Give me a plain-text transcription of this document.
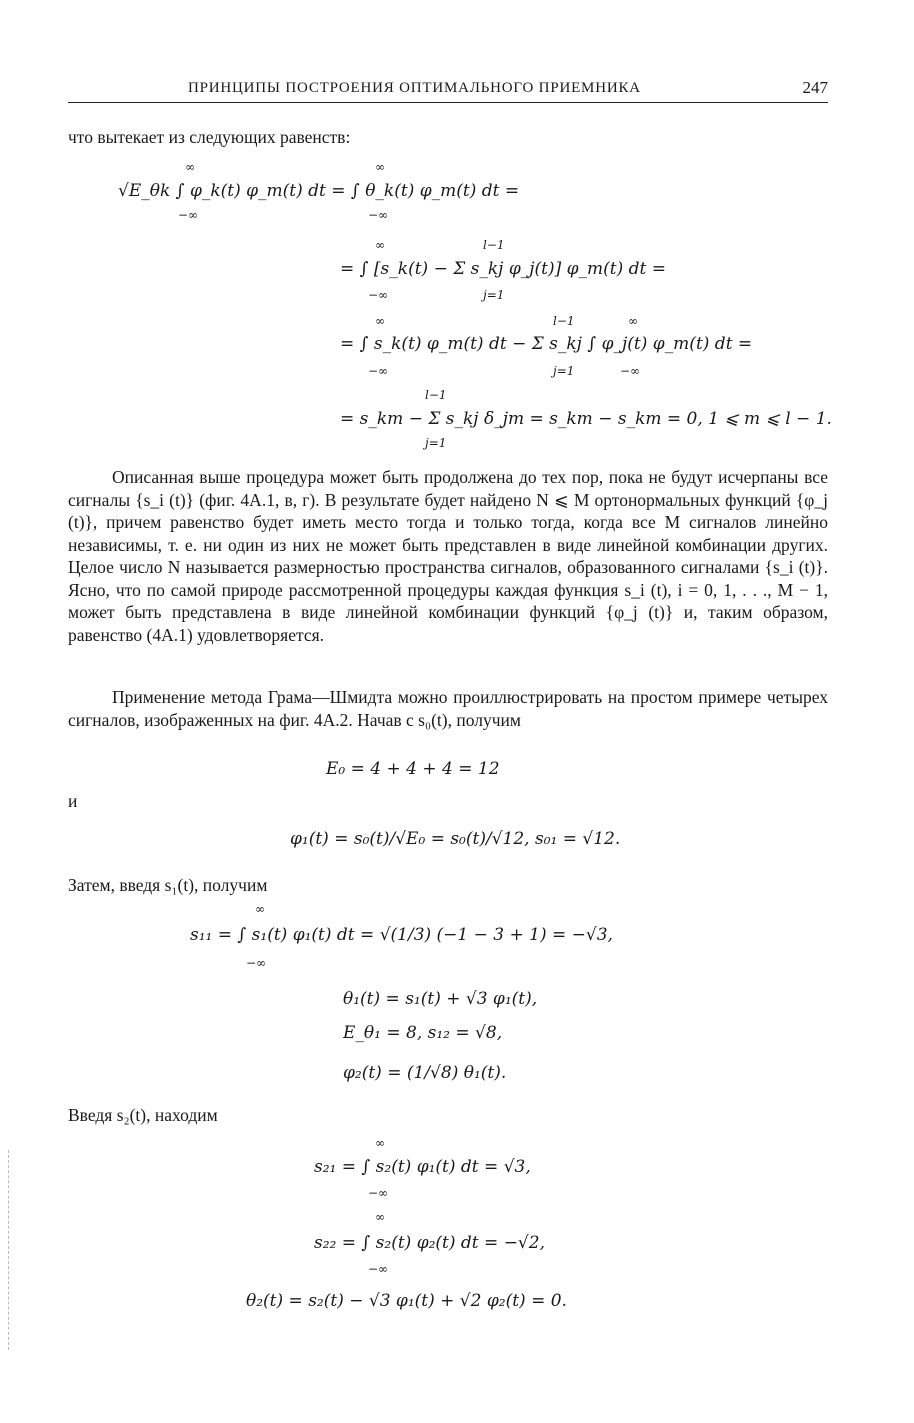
ПРИНЦИПЫ ПОСТРОЕНИЯ ОПТИМАЛЬНОГО ПРИЕМНИКА	247
что вытекает из следующих равенств:
∞	∞
√E_θk ∫ φ_k(t) φ_m(t) dt = ∫ θ_k(t) φ_m(t) dt =
−∞	−∞
∞	l−1
= ∫ [s_k(t) − Σ s_kj φ_j(t)] φ_m(t) dt =
−∞	j=1
∞	l−1	∞
= ∫ s_k(t) φ_m(t) dt − Σ s_kj ∫ φ_j(t) φ_m(t) dt =
−∞	j=1	−∞
l−1
= s_km − Σ s_kj δ_jm = s_km − s_km = 0, 1 ⩽ m ⩽ l − 1.
j=1
Описанная выше процедура может быть продолжена до тех пор, пока не будут исчерпаны все сигналы {s_i (t)} (фиг. 4A.1, в, г). В результате будет найдено N ⩽ M ортонормальных функций {φ_j (t)}, причем равенство будет иметь место тогда и только тогда, когда все M сигналов линейно независимы, т. е. ни один из них не может быть представлен в виде линейной комбинации других. Целое число N называется размерностью пространства сигналов, образованного сигналами {s_i (t)}. Ясно, что по самой природе рассмотренной процедуры каждая функция s_i (t), i = 0, 1, . . ., M − 1, может быть представлена в виде линейной комбинации функций {φ_j (t)} и, таким образом, равенство (4A.1) удовлетворяется.
Применение метода Грама—Шмидта можно проиллюстрировать на простом примере четырех сигналов, изображенных на фиг. 4A.2. Начав с s₀(t), получим
E₀ = 4 + 4 + 4 = 12
и
φ₁(t) = s₀(t)/√E₀ = s₀(t)/√12, s₀₁ = √12.
Затем, введя s₁(t), получим
∞
s₁₁ = ∫ s₁(t) φ₁(t) dt = √(1/3) (−1 − 3 + 1) = −√3,
−∞
θ₁(t) = s₁(t) + √3 φ₁(t),
E_θ₁ = 8, s₁₂ = √8,
φ₂(t) = (1/√8) θ₁(t).
Введя s₂(t), находим
∞
s₂₁ = ∫ s₂(t) φ₁(t) dt = √3,
−∞
∞
s₂₂ = ∫ s₂(t) φ₂(t) dt = −√2,
−∞
θ₂(t) = s₂(t) − √3 φ₁(t) + √2 φ₂(t) = 0.
